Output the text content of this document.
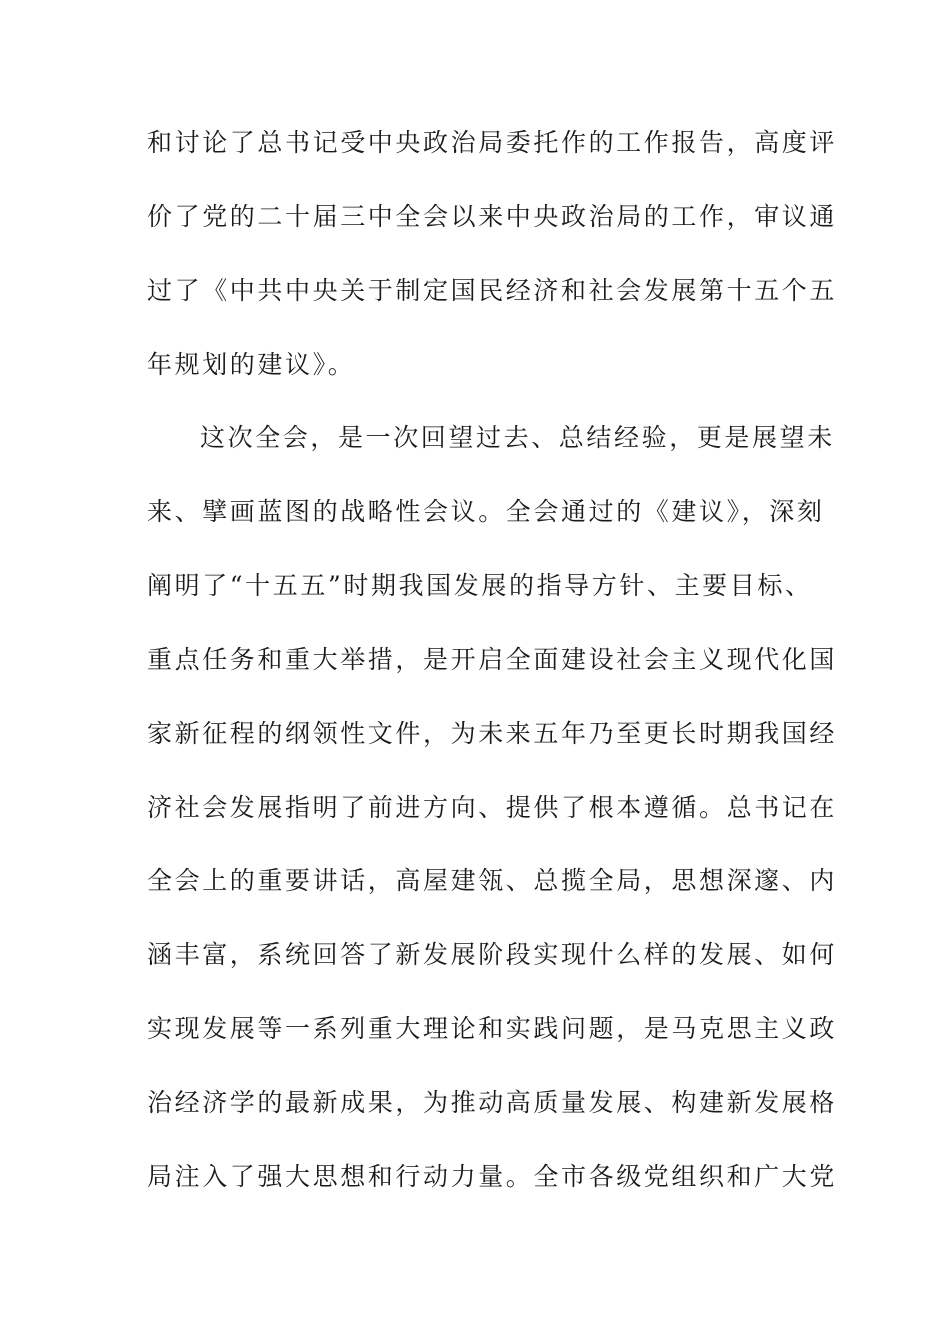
和讨论了总书记受中央政治局委托作的工作报告，高度评
价了党的二十届三中全会以来中央政治局的工作，审议通
过了《中共中央关于制定国民经济和社会发展第十五个五
年规划的建议》。
这次全会，是一次回望过去、总结经验，更是展望未
来、擘画蓝图的战略性会议。全会通过的《建议》，深刻
阐明了“十五五”时期我国发展的指导方针、主要目标、
重点任务和重大举措，是开启全面建设社会主义现代化国
家新征程的纲领性文件，为未来五年乃至更长时期我国经
济社会发展指明了前进方向、提供了根本遵循。总书记在
全会上的重要讲话，高屋建瓴、总揽全局，思想深邃、内
涵丰富，系统回答了新发展阶段实现什么样的发展、如何
实现发展等一系列重大理论和实践问题，是马克思主义政
治经济学的最新成果，为推动高质量发展、构建新发展格
局注入了强大思想和行动力量。全市各级党组织和广大党
